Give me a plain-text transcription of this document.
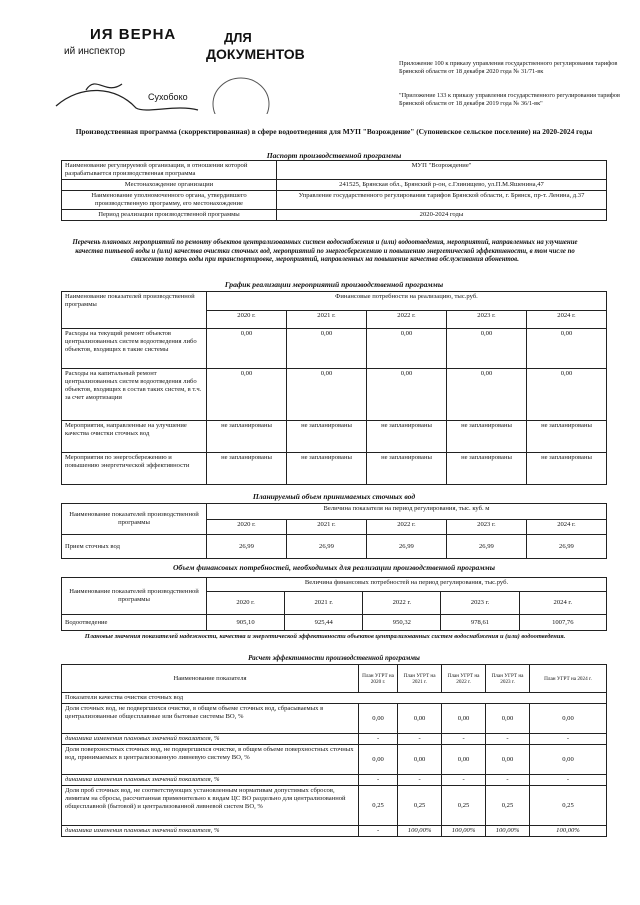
ИЯ ВЕРНА	ДЛЯ
ДОКУМЕНТОВ
ий инспектор
Сухобоко
Приложение 100 к приказу управления государственного регулирования тарифов Брянской области от 18 декабря 2020 года № 31/71-вк
"Приложение 133 к приказу управления государственного регулирования тарифов Брянской области от 18 декабря 2019 года № 36/1-вк"
Производственная программа (скорректированная) в сфере водоотведения для МУП "Возрождение" (Супоневское сельское поселение) на 2020-2024 годы
Паспорт производственной программы
Наименование регулируемой организации, в отношении которой разрабатывается производственная программа	МУП "Возрождение"
Местонахождение организации	241525, Брянская обл., Брянский р-он, с.Глинищево, ул.П.М.Яшенина,47
Наименование уполномоченного органа, утвердившего производственную программу, его местонахождение	Управление государственного регулирования тарифов Брянской области, г. Брянск, пр-т. Ленина, д.37
Период реализации производственной программы	2020-2024 годы
Перечень плановых мероприятий по ремонту объектов централизованных систем водоснабжения и (или) водоотведения, мероприятий, направленных на улучшение качества питьевой воды и (или) качества очистки сточных вод, мероприятий по энергосбережению и повышению энергетической эффективности, в том числе по снижению потерь воды при транспортировке, мероприятий, направленных на повышение качества обслуживания абонентов.
График реализации мероприятий производственной программы
Наименование показателей производственной программы	Финансовые потребности на реализацию, тыс.руб.				
	2020 г.	2021 г.	2022 г.	2023 г.	2024 г.
Расходы на текущий ремонт объектов централизованных систем водоотведения либо объектов, входящих в такие системы	0,00	0,00	0,00	0,00	0,00
Расходы на капитальный ремонт централизованных систем водоотведения либо объектов, входящих в состав таких систем, в т.ч. за счет амортизации	0,00	0,00	0,00	0,00	0,00
Мероприятия, направленные на улучшение качества очистки сточных вод	не запланированы	не запланированы	не запланированы	не запланированы	не запланированы
Мероприятия по энергосбережению и повышению энергетической эффективности	не запланированы	не запланированы	не запланированы	не запланированы	не запланированы
Планируемый объем принимаемых сточных вод
Наименование показателей производственной программы	Величина показателя на период регулирования, тыс. куб. м				
	2020 г.	2021 г.	2022 г.	2023 г.	2024 г.
Прием сточных вод	26,99	26,99	26,99	26,99	26,99
Объем финансовых потребностей, необходимых для реализации производственной программы
Наименование показателей производственной программы	Величина финансовых потребностей на период регулирования, тыс.руб.				
	2020 г.	2021 г.	2022 г.	2023 г.	2024 г.
Водоотведение	905,10	925,44	950,32	978,61	1007,76
Плановые значения показателей надежности, качества и энергетической эффективности объектов централизованных систем водоснабжения и (или) водоотведения.
Расчет эффективности производственной программы
Наименование показателя	План УГРТ на 2020 г.	План УГРТ на 2021 г.	План УГРТ на 2022 г.	План УГРТ на 2023 г.	План УГРТ на 2024 г.
Показатели качества очистки сточных вод					
Доля сточных вод, не подвергшихся очистке, в общем объеме сточных вод, сбрасываемых в централизованные общесплавные или бытовые системы ВО, %	0,00	0,00	0,00	0,00	0,00
динамика изменения плановых значений показателя, %	-	-	-	-	-
Доля поверхностных сточных вод, не подвергшихся очистке, в общем объеме поверхностных сточных вод, принимаемых в централизованную ливневую систему ВО, %	0,00	0,00	0,00	0,00	0,00
динамика изменения плановых значений показателя, %	-	-	-	-	-
Доля проб сточных вод, не соответствующих установленным нормативам допустимых сбросов, лимитам на сбросы, рассчитанная применительно к видам ЦС ВО раздельно для централизованной общесплавной (бытовой) и централизованной ливневой систем ВО, %	0,25	0,25	0,25	0,25	0,25
динамика изменения плановых значений показателя, %	-	100,00%	100,00%	100,00%	100,00%
